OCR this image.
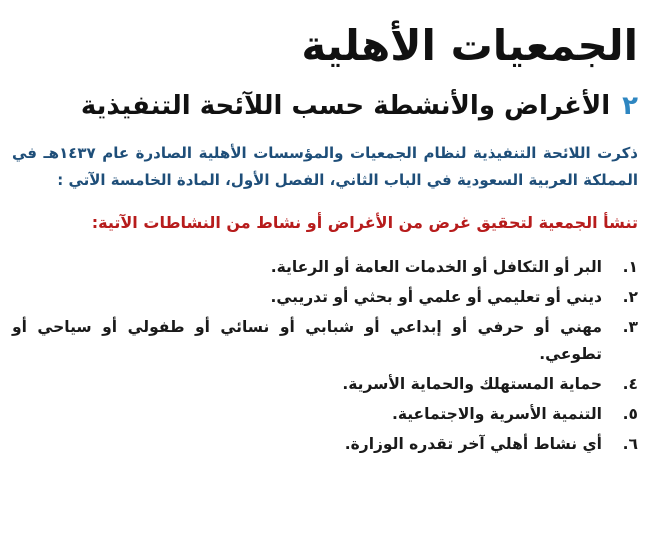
الجمعيات الأهلية
٢الأغراض والأنشطة حسب اللآئحة التنفيذية

ذكرت اللائحة التنفيذية لنظام الجمعيات والمؤسسات الأهلية الصادرة عام ١٤٣٧هـ في المملكة العربية السعودية في الباب الثاني، الفصل الأول، المادة الخامسة الآتي :

تنشأ الجمعية لتحقيق غرض من الأغراض أو نشاط من النشاطات الآتية:

١.
البر أو التكافل أو الخدمات العامة أو الرعاية.
٢.
ديني أو تعليمي أو علمي أو بحثي أو تدريبي.
٣.
مهني أو حرفي أو إبداعي أو شبابي أو نسائي أو طفولي أو سياحي أو تطوعي.
٤.
حماية المستهلك والحماية الأسرية.
٥.
التنمية الأسرية والاجتماعية.
٦.
أي نشاط أهلي آخر تقدره الوزارة.
